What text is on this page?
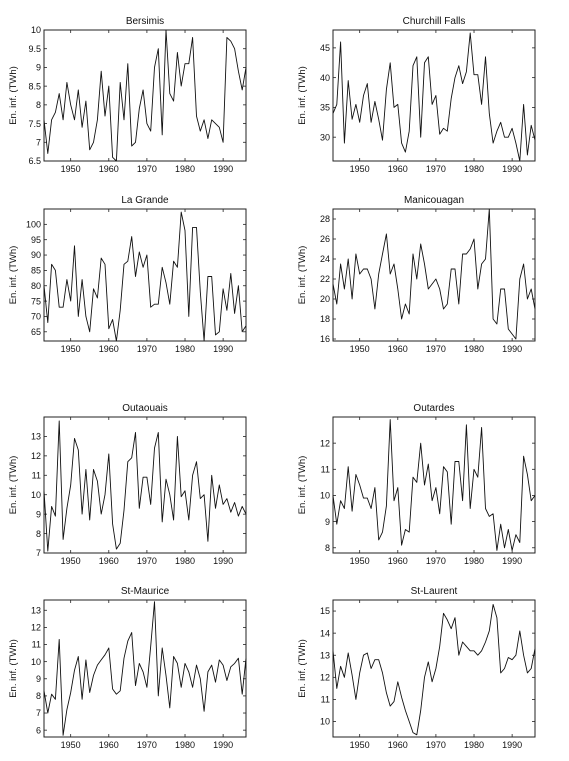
Bersimis
1950 1960 1970 1980 1990
6.5
7
7.5
8
8.5
9
9.5
10
En. inf. (TWh)
Churchill Falls
1950 1960 1970 1980 1990
30
35
40
45
En. inf. (TWh)
La Grande
1950 1960 1970 1980 1990
65
70
75
80
85
90
95
100
En. inf. (TWh)
Manicouagan
1950 1960 1970 1980 1990
16
18
20
22
24
26
28
En. inf. (TWh)
Outaouais
1950 1960 1970 1980 1990
7
8
9
10
11
12
13
En. inf. (TWh)
Outardes
1950 1960 1970 1980 1990
8
9
10
11
12
En. inf. (TWh)
St-Maurice
1950 1960 1970 1980 1990
6
7
8
9
10
11
12
13
En. inf. (TWh)
St-Laurent
1950 1960 1970 1980 1990
10
11
12
13
14
15
En. inf. (TWh)
